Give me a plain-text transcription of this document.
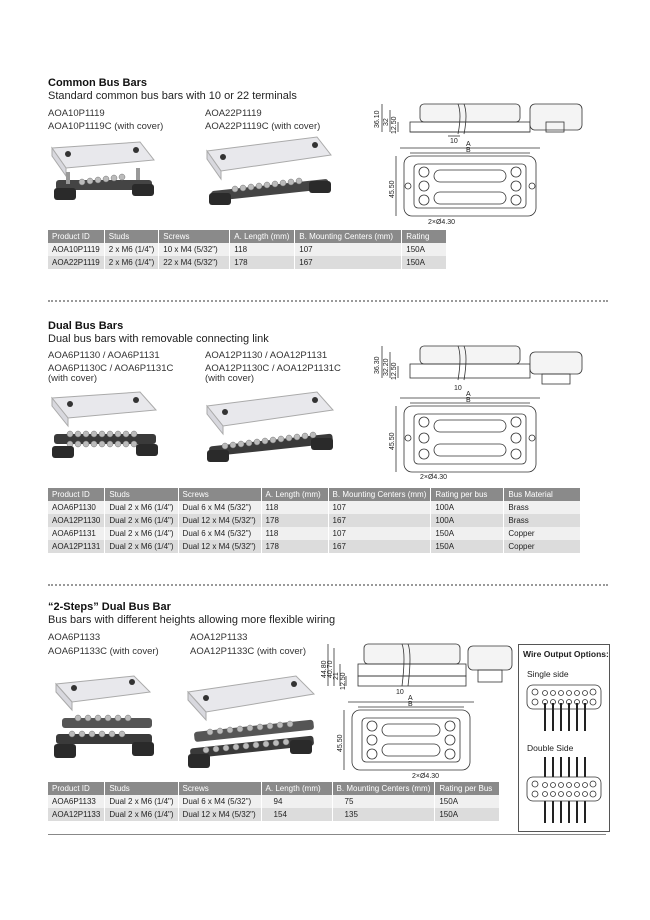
Common Bus Bars
Standard common bus bars with 10 or 22 terminals
AOA10P1119
AOA10P1119C (with cover)
AOA22P1119
AOA22P1119C (with cover)	36.10 32 12.50
10 A
B
45.50
2×Ø4.30
Product ID	Studs	Screws	A. Length (mm)	B. Mounting Centers (mm)	Rating
AOA10P1119	2 x M6 (1/4")	10 x M4 (5/32")	118	107	150A
AOA22P1119	2 x M6 (1/4")	22 x M4 (5/32")	178	167	150A
Dual Bus Bars
Dual bus bars with removable connecting link
AOA6P1130 / AOA6P1131
AOA6P1130C / AOA6P1131C
(with cover)
AOA12P1130 / AOA12P1131
AOA12P1130C / AOA12P1131C
(with cover)
36.30 32.20 12.50
10
A
B
45.50
2×Ø4.30
Product ID	Studs	Screws	A. Length (mm)	B. Mounting Centers (mm)	Rating per bus	Bus Material
AOA6P1130	Dual 2 x M6 (1/4")	Dual 6 x M4 (5/32")	118	107	100A	Brass
AOA12P1130	Dual 2 x M6 (1/4")	Dual 12 x M4 (5/32")	178	167	100A	Brass
AOA6P1131	Dual 2 x M6 (1/4")	Dual 6 x M4 (5/32")	118	107	150A	Copper
AOA12P1131	Dual 2 x M6 (1/4")	Dual 12 x M4 (5/32")	178	167	150A	Copper
“2-Steps” Dual Bus Bar
Bus bars with different heights allowing more flexible wiring
AOA6P1133
AOA6P1133C (with cover)
AOA12P1133
AOA12P1133C (with cover)
44.80 40.70 21 12.50
10
A
B
45.50
2×Ø4.30
Wire Output Options:
Single side
Double Side
Product ID	Studs	Screws	A. Length (mm)	B. Mounting Centers (mm)	Rating per Bus
AOA6P1133	Dual 2 x M6 (1/4")	Dual 6 x M4 (5/32")	94	75	150A
AOA12P1133	Dual 2 x M6 (1/4")	Dual 12 x M4 (5/32")	154	135	150A
